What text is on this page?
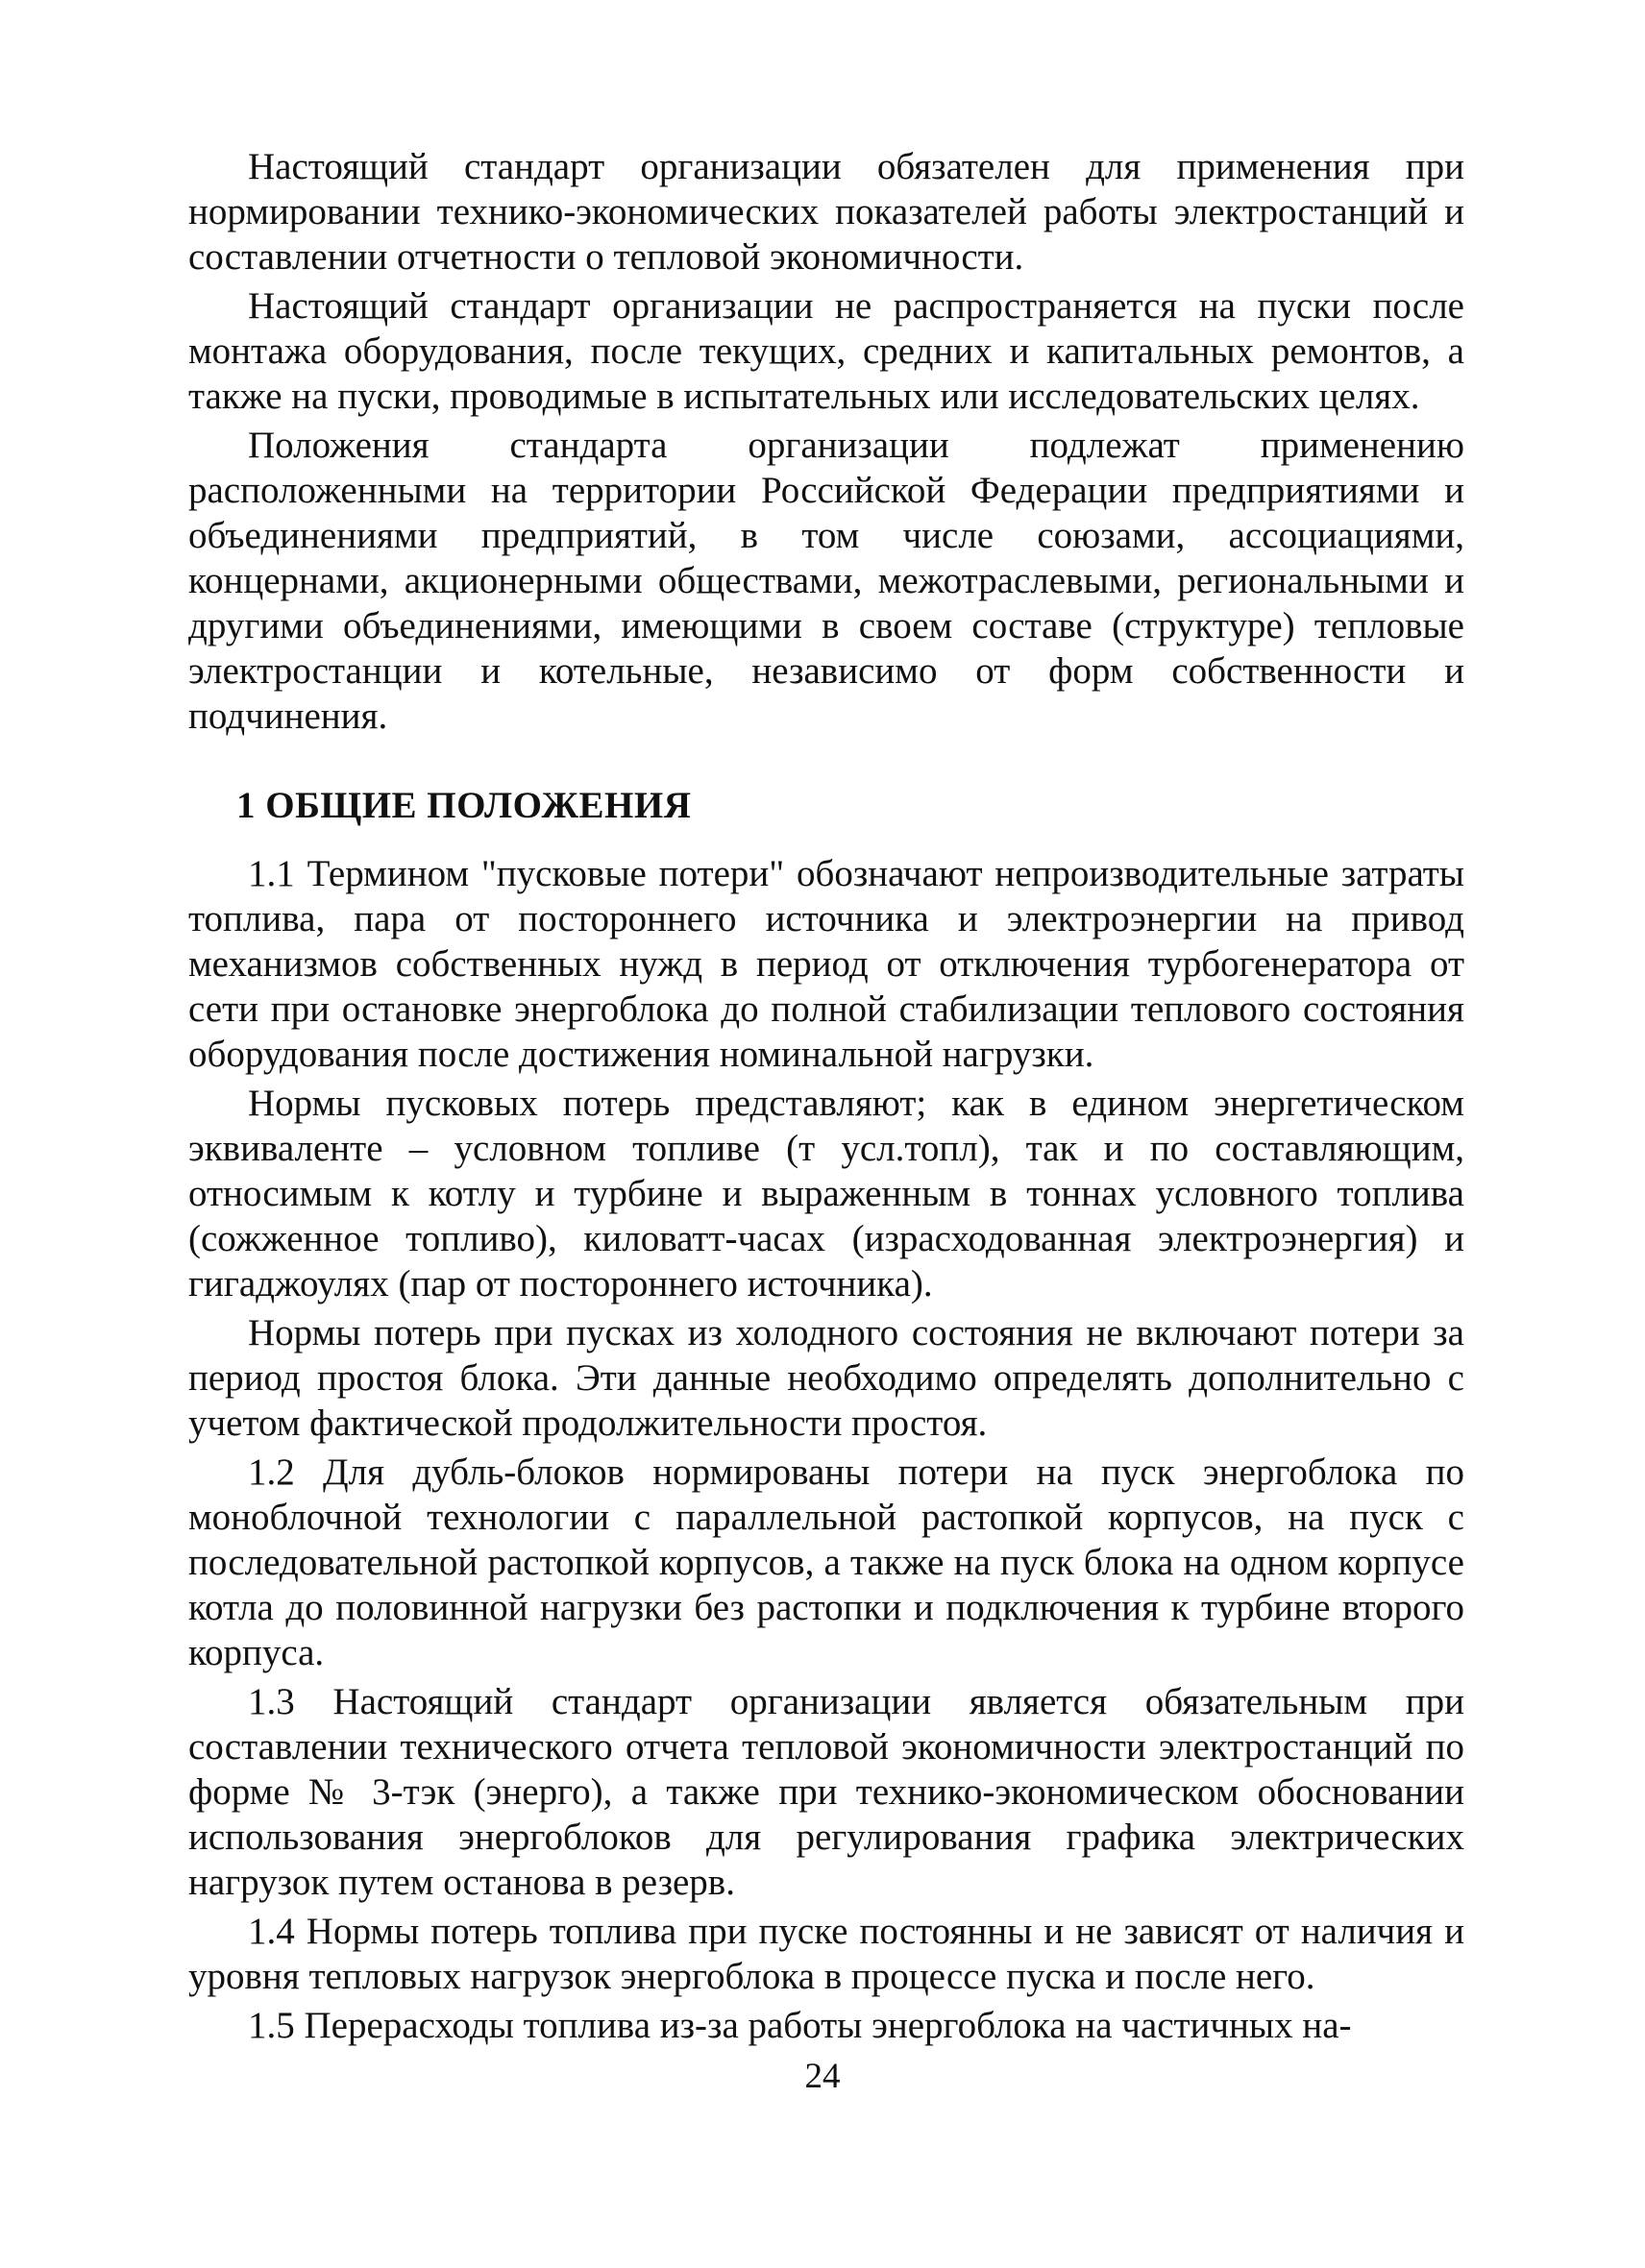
Настоящий стандарт организации обязателен для применения при нормировании технико-экономических показателей работы электростанций и составлении отчетности о тепловой экономичности.

Настоящий стандарт организации не распространяется на пуски после монтажа оборудования, после текущих, средних и капитальных ремонтов, а также на пуски, проводимые в испытательных или исследовательских целях.

Положения стандарта организации подлежат применению расположенными на территории Российской Федерации предприятиями и объединениями предприятий, в том числе союзами, ассоциациями, концернами, акционерными обществами, межотраслевыми, региональными и другими объединениями, имеющими в своем составе (структуре) тепловые электростанции и котельные, независимо от форм собственности и подчинения.

1 ОБЩИЕ ПОЛОЖЕНИЯ

1.1 Термином "пусковые потери" обозначают непроизводительные затраты топлива, пара от постороннего источника и электроэнергии на привод механизмов собственных нужд в период от отключения турбогенератора от сети при остановке энергоблока до полной стабилизации теплового состояния оборудования после достижения номинальной нагрузки.

Нормы пусковых потерь представляют; как в едином энергетическом эквиваленте – условном топливе (т усл.топл), так и по составляющим, относимым к котлу и турбине и выраженным в тоннах условного топлива (сожженное топливо), киловатт-часах (израсходованная электроэнергия) и гигаджоулях (пар от постороннего источника).

Нормы потерь при пусках из холодного состояния не включают потери за период простоя блока. Эти данные необходимо определять дополнительно с учетом фактической продолжительности простоя.

1.2 Для дубль-блоков нормированы потери на пуск энергоблока по моноблочной технологии с параллельной растопкой корпусов, на пуск с последовательной растопкой корпусов, а также на пуск блока на одном корпусе котла до половинной нагрузки без растопки и подключения к турбине второго корпуса.

1.3 Настоящий стандарт организации является обязательным при составлении технического отчета тепловой экономичности электростанций по форме № 3-тэк (энерго), а также при технико-экономическом обосновании использования энергоблоков для регулирования графика электрических нагрузок путем останова в резерв.

1.4 Нормы потерь топлива при пуске постоянны и не зависят от наличия и уровня тепловых нагрузок энергоблока в процессе пуска и после него.

1.5 Перерасходы топлива из-за работы энергоблока на частичных на-

24
